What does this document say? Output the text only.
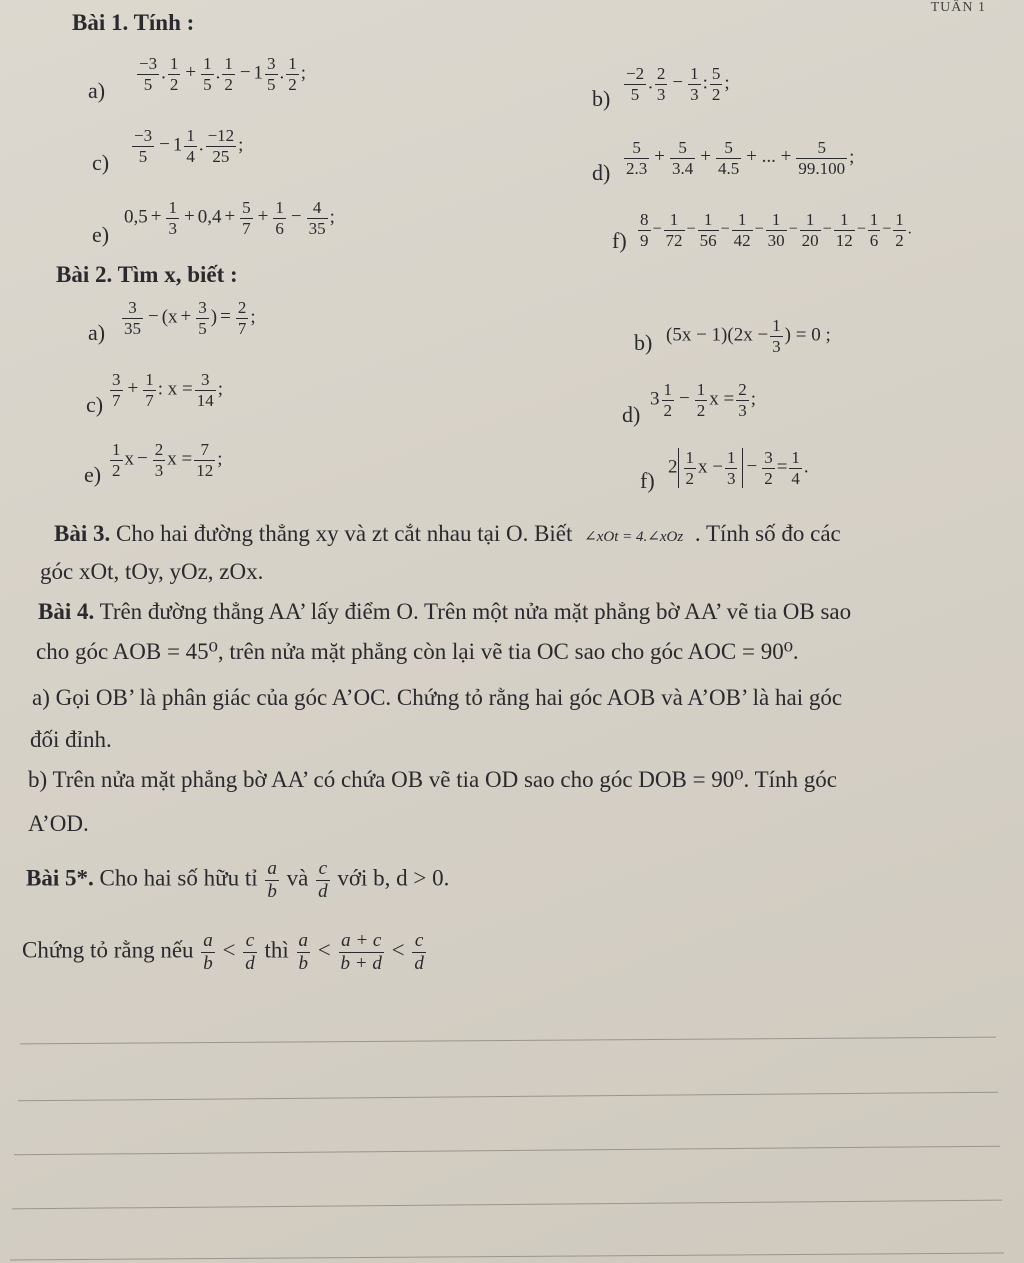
TUẦN 1
Bài 1. Tính :
$a) \frac{-3}{5}$ . $\frac{1}{2} + \frac{1}{5}$ . $\frac{1}{2} - 1 \frac{3}{5}$ . $\frac{1}{2}$ ;
$b) \frac{-2}{5}$ . $\frac{2}{3} - \frac{1}{3}$ : $\frac{5}{2}$ ;
$c) \frac{-3}{5} - 1 \frac{1}{4}$ . $\frac{-12}{25}$ ;
$d) \frac{5}{2.3} + \frac{5}{3.4} + \frac{5}{4.5}$ + ... + $\frac{5}{99.100}$ ;
e)
$0,5 + \frac{1}{3} + 0,4 + \frac{5}{7} + \frac{1}{6} - \frac{4}{35}$ ;
$f) \frac{8}{9} - \frac{1}{72} - \frac{1}{56} - \frac{1}{42} - \frac{1}{30} - \frac{1}{20} - \frac{1}{12} - \frac{1}{6} - \frac{1}{2}$ .
Bài 2. Tìm x, biết :
$a) \frac{3}{35} - (x + \frac{3}{5}$ ) = $\frac{2}{7}$ ;
b) $(5x - 1)(2x - \frac{1}{3}$ ) = 0 ;
$c) \frac{3}{7} + \frac{1}{7}$ : $x = \frac{3}{14}$ ;
d)
$3 \frac{1}{2} - \frac{1}{2}$ $x = \frac{2}{3}$ ;
$e) \frac{1}{2}$ $x - \frac{2}{3}$ $x = \frac{7}{12}$ ;
f)
$2 \frac{1}{2}$ $x - \frac{1}{3} - \frac{3}{2} = \frac{1}{4}$ .
Bài 3. Cho hai đường thẳng xy và zt cắt nhau tại O. Biết ∠xOt = 4.∠xOz . Tính số đo các
góc xOt, tOy, yOz, zOx.
Bài 4. Trên đường thẳng AA’ lấy điểm O. Trên một nửa mặt phẳng bờ AA’ vẽ tia OB sao
cho góc AOB = 45⁰, trên nửa mặt phẳng còn lại vẽ tia OC sao cho góc AOC = 90⁰.
a) Gọi OB’ là phân giác của góc A’OC. Chứng tỏ rằng hai góc AOB và A’OB’ là hai góc
đối đỉnh.
b) Trên nửa mặt phẳng bờ AA’ có chứa OB vẽ tia OD sao cho góc DOB = 90⁰. Tính góc
A’OD.
Bài 5*. Cho hai số hữu tỉ $\frac{a}{b}$ và $\frac{c}{d}$ với b, d > 0.
Chứng tỏ rằng nếu $\frac{a}{b} < \frac{c}{d}$ thì $\frac{a}{b} < \frac{a + c}{b + d} < \frac{c}{d}$
